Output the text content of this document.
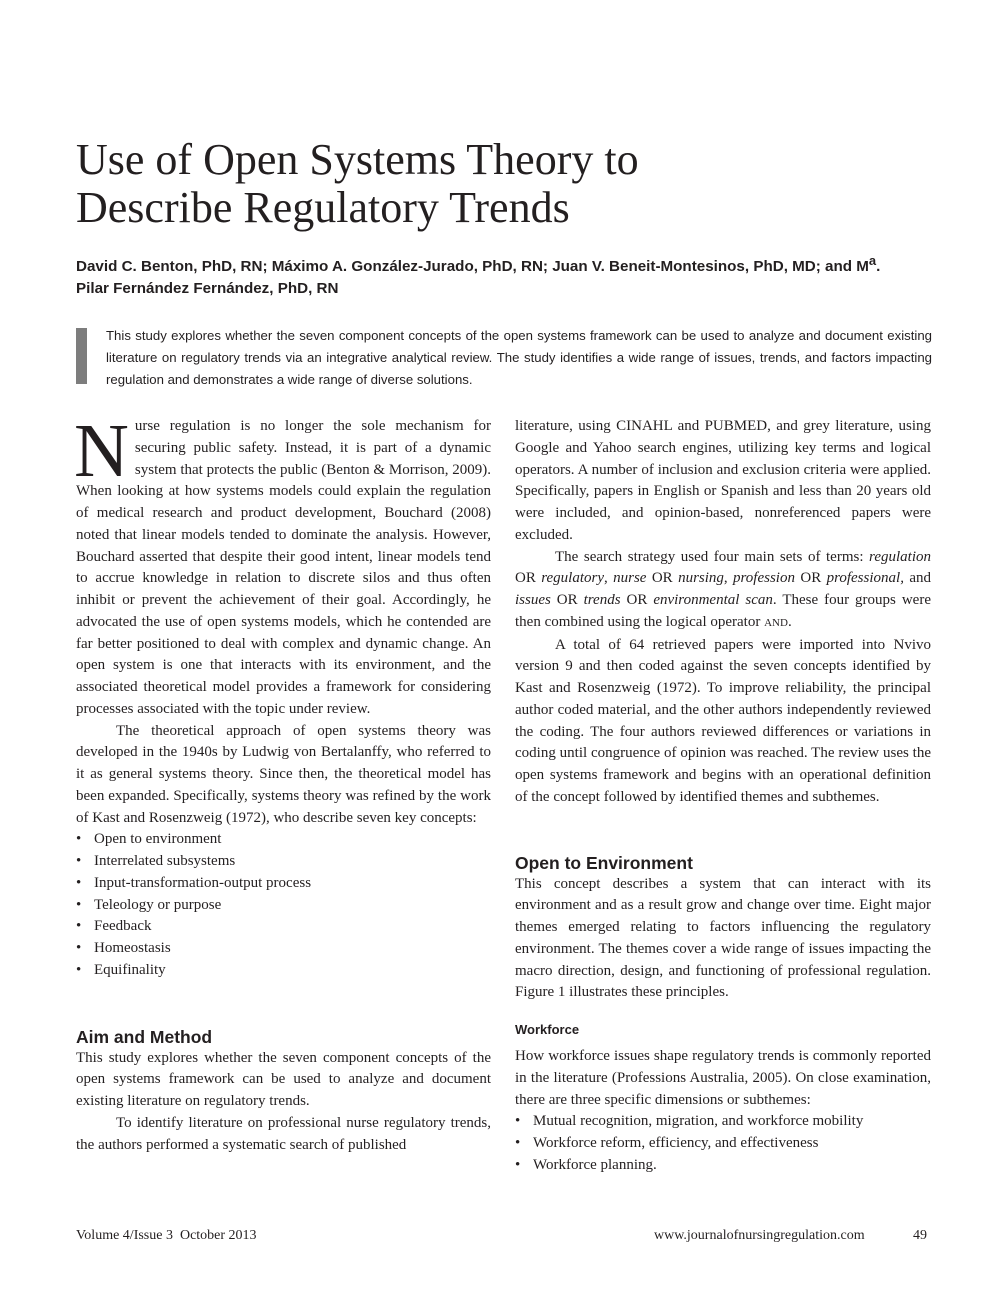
Use of Open Systems Theory to
Describe Regulatory Trends

David C. Benton, PhD, RN; Máximo A. González-Jurado, PhD, RN; Juan V. Beneit-Montesinos, PhD, MD; and $M^a$.
Pilar Fernández Fernández, PhD, RN

This study explores whether the seven component concepts of the open systems framework can be used to analyze and document existing literature on regulatory trends via an integrative analytical review. The study identifies a wide range of issues, trends, and factors impacting regulation and demonstrates a wide range of diverse solutions.

Nurse regulation is no longer the sole mechanism for securing public safety. Instead, it is part of a dynamic system that protects the public (Benton & Morrison, 2009). When looking at how systems models could explain the regulation of medical research and product development, Bouchard (2008) noted that linear models tended to dominate the analysis. However, Bouchard asserted that despite their good intent, linear models tend to accrue knowledge in relation to discrete silos and thus often inhibit or prevent the achievement of their goal. Accordingly, he advocated the use of open systems models, which he contended are far better positioned to deal with complex and dynamic change. An open system is one that interacts with its environment, and the associated theoretical model provides a framework for considering processes associated with the topic under review.

The theoretical approach of open systems theory was developed in the 1940s by Ludwig von Bertalanffy, who referred to it as general systems theory. Since then, the theoretical model has been expanded. Specifically, systems theory was refined by the work of Kast and Rosenzweig (1972), who describe seven key concepts:

• Open to environment
• Interrelated subsystems
• Input-transformation-output process
• Teleology or purpose
• Feedback
• Homeostasis
• Equifinality
Aim and Method

This study explores whether the seven component concepts of the open systems framework can be used to analyze and document existing literature on regulatory trends.

To identify literature on professional nurse regulatory trends, the authors performed a systematic search of published

literature, using CINAHL and PUBMED, and grey literature, using Google and Yahoo search engines, utilizing key terms and logical operators. A number of inclusion and exclusion criteria were applied. Specifically, papers in English or Spanish and less than 20 years old were included, and opinion-based, nonreferenced papers were excluded.

The search strategy used four main sets of terms: regulation OR regulatory, nurse OR nursing, profession OR professional, and issues OR trends OR environmental scan. These four groups were then combined using the logical operator AND.

A total of 64 retrieved papers were imported into Nvivo version 9 and then coded against the seven concepts identified by Kast and Rosenzweig (1972). To improve reliability, the principal author coded material, and the other authors independently reviewed the coding. The four authors reviewed differences or variations in coding until congruence of opinion was reached. The review uses the open systems framework and begins with an operational definition of the concept followed by identified themes and subthemes.

Open to Environment

This concept describes a system that can interact with its environment and as a result grow and change over time. Eight major themes emerged relating to factors influencing the regulatory environment. The themes cover a wide range of issues impacting the macro direction, design, and functioning of professional regulation. Figure 1 illustrates these principles.

Workforce

How workforce issues shape regulatory trends is commonly reported in the literature (Professions Australia, 2005). On close examination, there are three specific dimensions or subthemes:

• Mutual recognition, migration, and workforce mobility
• Workforce reform, efficiency, and effectiveness
• Workforce planning.
Volume 4/Issue 3  October 2013	www.journalofnursingregulation.com	49
